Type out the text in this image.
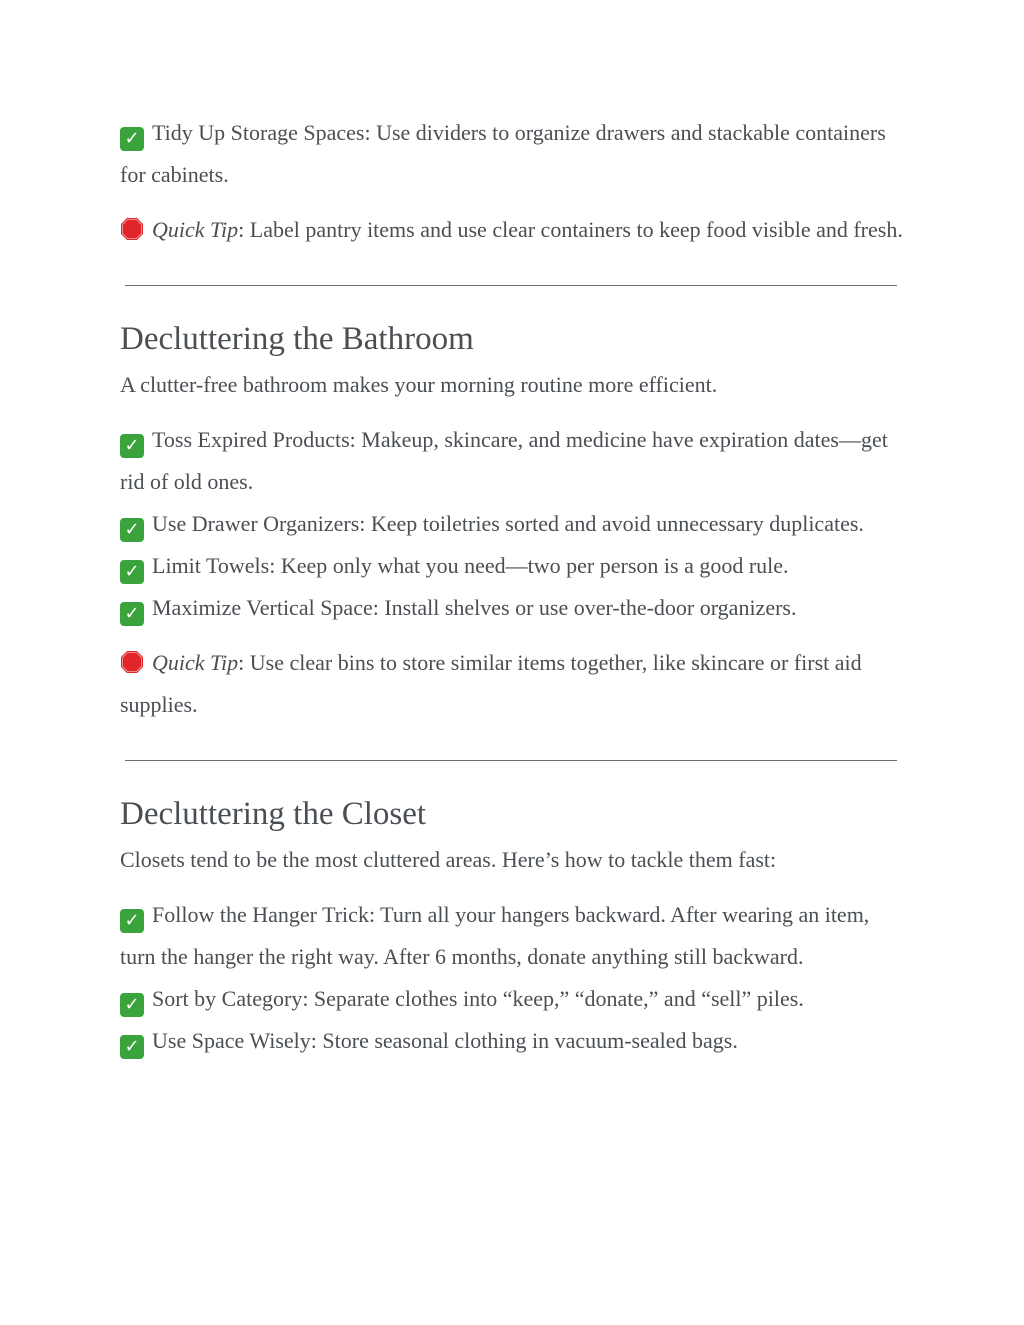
✓ Tidy Up Storage Spaces: Use dividers to organize drawers and stackable containers for cabinets.

Quick Tip: Label pantry items and use clear containers to keep food visible and fresh.

Decluttering the Bathroom

A clutter-free bathroom makes your morning routine more efficient.

✓ Toss Expired Products: Makeup, skincare, and medicine have expiration dates—get rid of old ones.

✓ Use Drawer Organizers: Keep toiletries sorted and avoid unnecessary duplicates.

✓ Limit Towels: Keep only what you need—two per person is a good rule.

✓ Maximize Vertical Space: Install shelves or use over-the-door organizers.

Quick Tip: Use clear bins to store similar items together, like skincare or first aid supplies.

Decluttering the Closet

Closets tend to be the most cluttered areas. Here’s how to tackle them fast:

✓ Follow the Hanger Trick: Turn all your hangers backward. After wearing an item, turn the hanger the right way. After 6 months, donate anything still backward.

✓ Sort by Category: Separate clothes into “keep,” “donate,” and “sell” piles.

✓ Use Space Wisely: Store seasonal clothing in vacuum-sealed bags.
